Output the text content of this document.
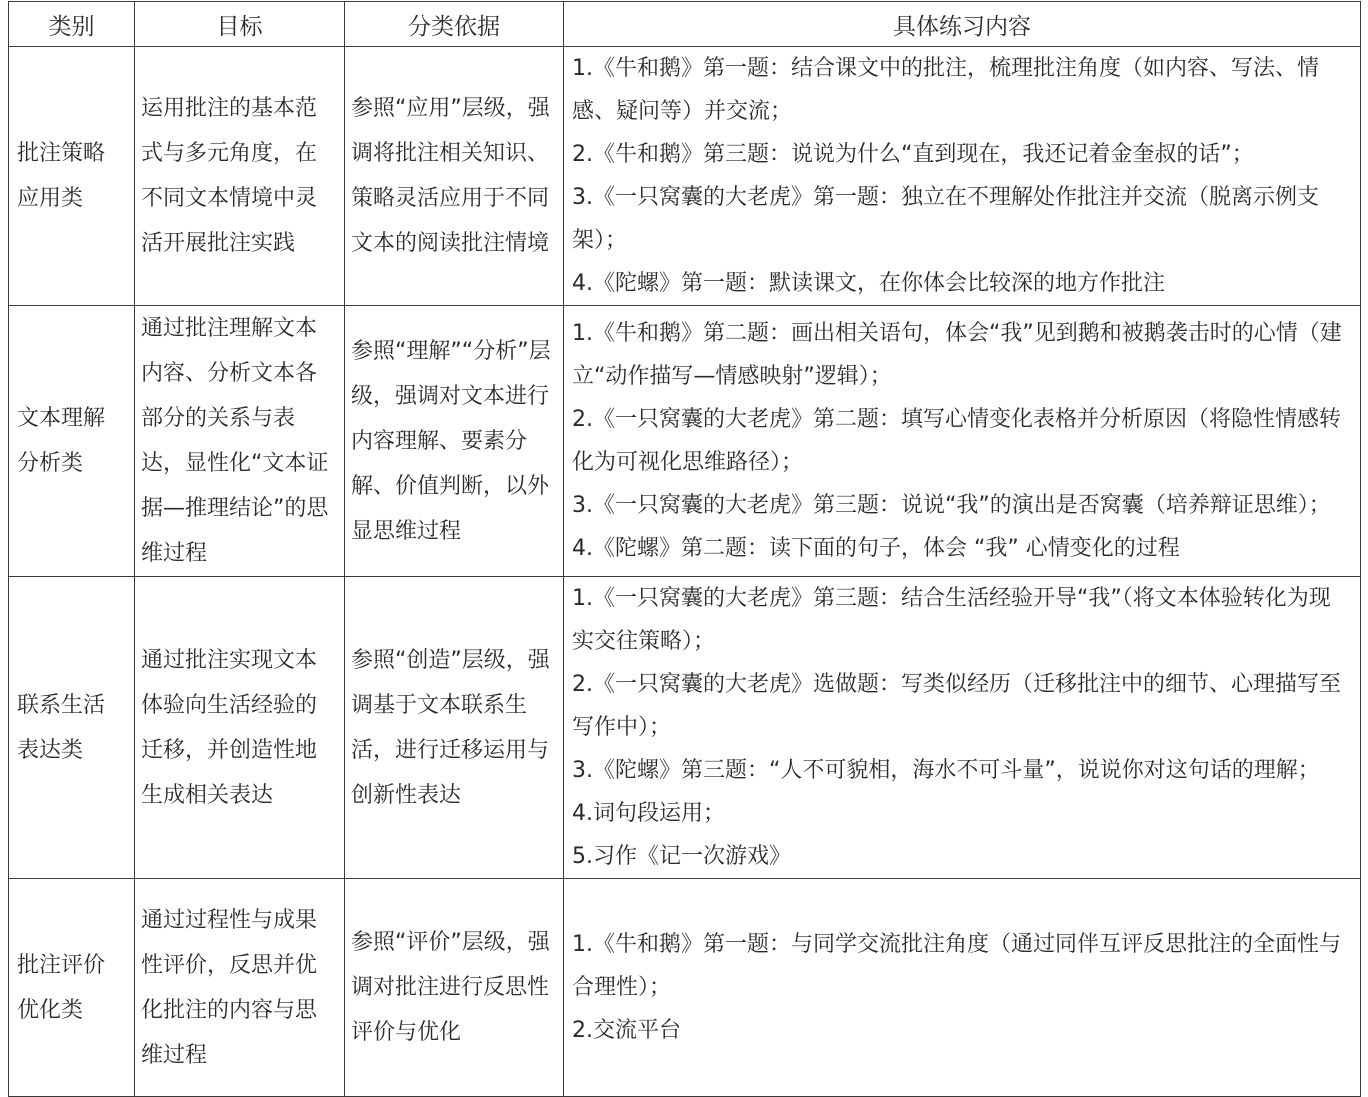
类别	目标	分类依据	具体练习内容
批注策略应用类	运用批注的基本范式与多元角度，在不同文本情境中灵活开展批注实践	参照“应用”层级，强调将批注相关知识、策略灵活应用于不同文本的阅读批注情境	1.《牛和鹅》第一题：结合课文中的批注，梳理批注角度（如内容、写法、情感、疑问等）并交流；
2.《牛和鹅》第三题：说说为什么“直到现在，我还记着金奎叔的话”；
3.《一只窝囊的大老虎》第一题：独立在不理解处作批注并交流（脱离示例支架）；
4.《陀螺》第一题：默读课文，在你体会比较深的地方作批注

文本理解分析类	通过批注理解文本内容、分析文本各部分的关系与表达，显性化“文本证据—推理结论”的思维过程	参照“理解”“分析”层级，强调对文本进行内容理解、要素分解、价值判断，以外显思维过程	1.《牛和鹅》第二题：画出相关语句，体会“我”见到鹅和被鹅袭击时的心情（建立“动作描写—情感映射”逻辑）；
2.《一只窝囊的大老虎》第二题：填写心情变化表格并分析原因（将隐性情感转化为可视化思维路径）；
3.《一只窝囊的大老虎》第三题：说说“我”的演出是否窝囊（培养辩证思维）；
4.《陀螺》第二题：读下面的句子，体会 “我” 心情变化的过程

联系生活表达类	通过批注实现文本体验向生活经验的迁移，并创造性地生成相关表达	参照“创造”层级，强调基于文本联系生活，进行迁移运用与创新性表达	1.《一只窝囊的大老虎》第三题：结合生活经验开导“我”（将文本体验转化为现实交往策略）；
2.《一只窝囊的大老虎》选做题：写类似经历（迁移批注中的细节、心理描写至写作中）；
3.《陀螺》第三题：“人不可貌相，海水不可斗量”，说说你对这句话的理解；
4.词句段运用；
5.习作《记一次游戏》

批注评价优化类	通过过程性与成果性评价，反思并优化批注的内容与思维过程	参照“评价”层级，强调对批注进行反思性评价与优化	1.《牛和鹅》第一题：与同学交流批注角度（通过同伴互评反思批注的全面性与合理性）；
2.交流平台
